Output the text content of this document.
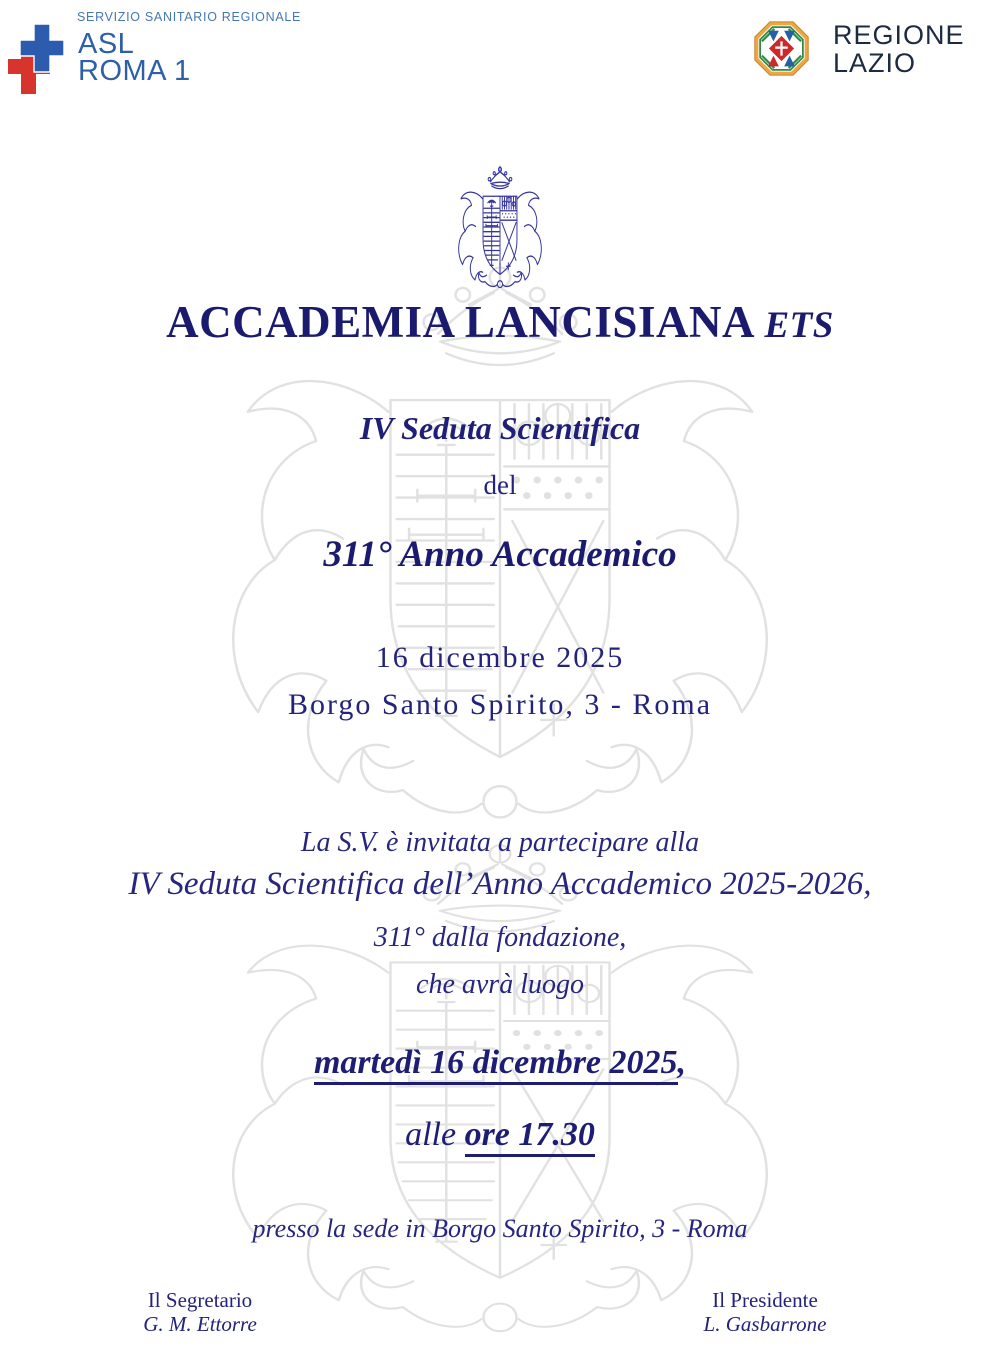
SERVIZIO SANITARIO REGIONALE
ASL
ROMA 1
REGIONE
LAZIO
ACCADEMIA LANCISIANA  ETS
IV Seduta Scientifica
del
311° Anno Accademico
16 dicembre 2025
Borgo Santo Spirito, 3 - Roma
La S.V. è invitata a partecipare alla
IV Seduta Scientifica dell’Anno Accademico 2025-2026,
311° dalla fondazione,
che avrà luogo
martedì 16 dicembre 2025,
alle ore 17.30
presso la sede in Borgo Santo Spirito, 3 - Roma
Il Segretario
G. M. Ettorre
Il Presidente
L. Gasbarrone
